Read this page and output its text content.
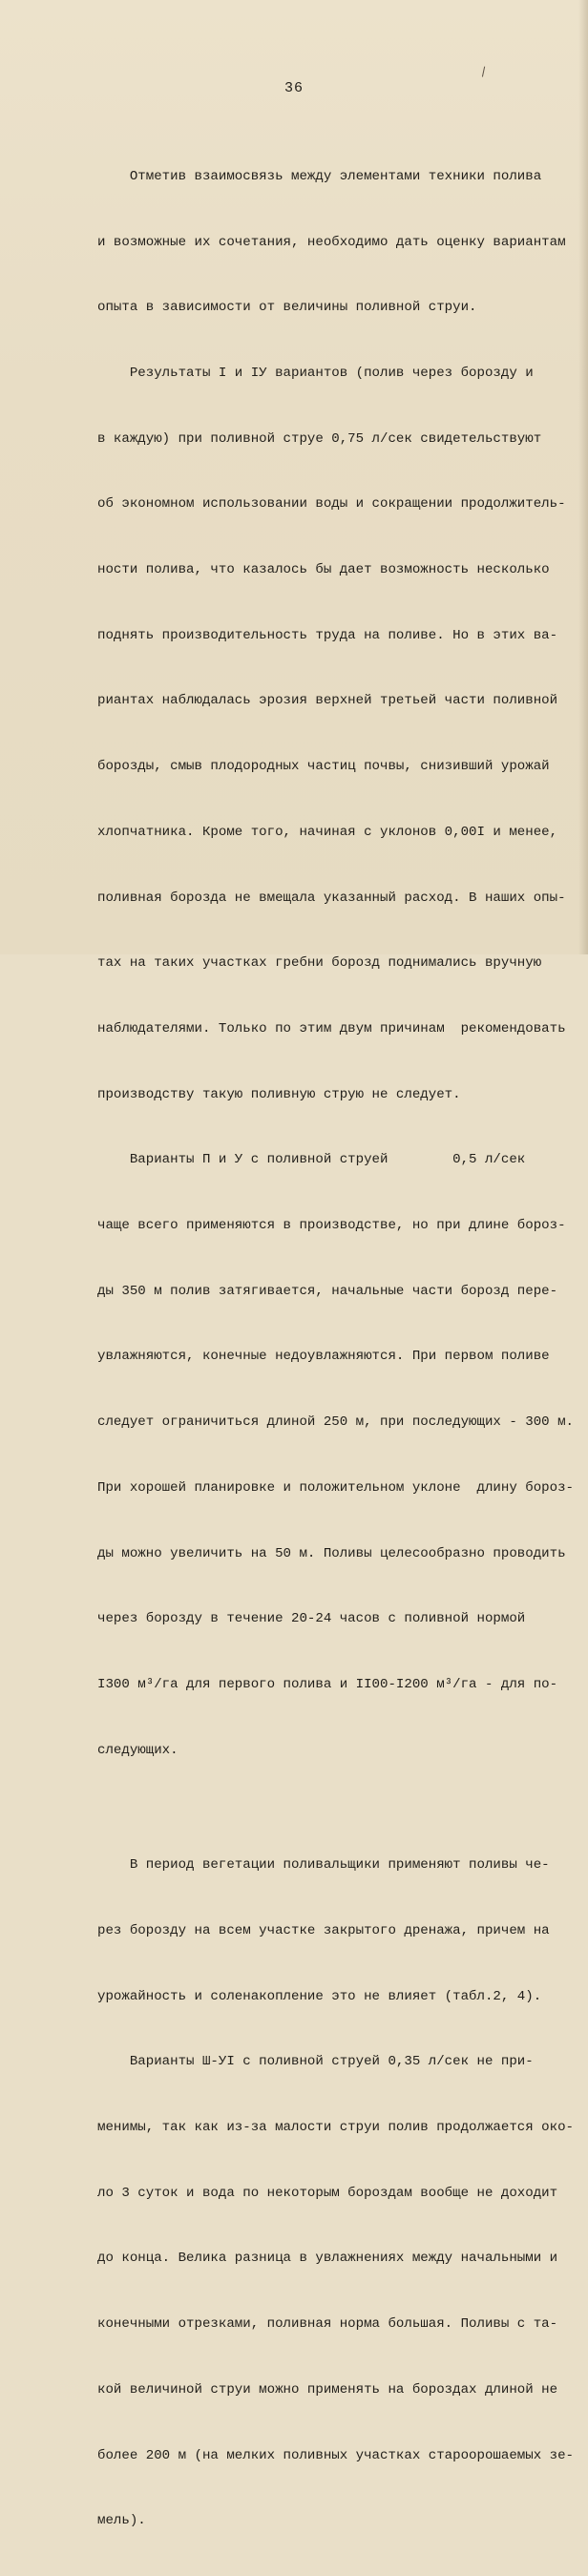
36

Отметив взаимосвязь между элементами техники полива

и возможные их сочетания, необходимо дать оценку вариантам

опыта в зависимости от величины поливной струи.

Результаты I и IУ вариантов (полив через борозду и

в каждую) при поливной струе 0,75 л/сек свидетельствуют

об экономном использовании воды и сокращении продолжитель-

ности полива, что казалось бы дает возможность несколько

поднять производительность труда на поливе. Но в этих ва-

риантах наблюдалась эрозия верхней третьей части поливной

борозды, смыв плодородных частиц почвы, снизивший урожай

хлопчатника. Кроме того, начиная с уклонов 0,00I и менее,

поливная борозда не вмещала указанный расход. В наших опы-

тах на таких участках гребни борозд поднимались вручную

наблюдателями. Только по этим двум причинам  рекомендовать

производству такую поливную струю не следует.

Варианты П и У с поливной струей        0,5 л/сек

чаще всего применяются в производстве, но при длине бороз-

ды 350 м полив затягивается, начальные части борозд пере-

увлажняются, конечные недоувлажняются. При первом поливе

следует ограничиться длиной 250 м, при последующих - 300 м.

При хорошей планировке и положительном уклоне  длину бороз-

ды можно увеличить на 50 м. Поливы целесообразно проводить

через борозду в течение 20-24 часов с поливной нормой

I300 м³/га для первого полива и II00-I200 м³/га - для по-

следующих.

В период вегетации поливальщики применяют поливы че-

рез борозду на всем участке закрытого дренажа, причем на

урожайность и соленакопление это не влияет (табл.2, 4).

Варианты Ш-УI с поливной струей 0,35 л/сек не при-

менимы, так как из-за малости струи полив продолжается око-

ло 3 суток и вода по некоторым бороздам вообще не доходит

до конца. Велика разница в увлажнениях между начальными и

конечными отрезками, поливная норма большая. Поливы с та-

кой величиной струи можно применять на бороздах длиной не

более 200 м (на мелких поливных участках староорошаемых зе-

мель).
